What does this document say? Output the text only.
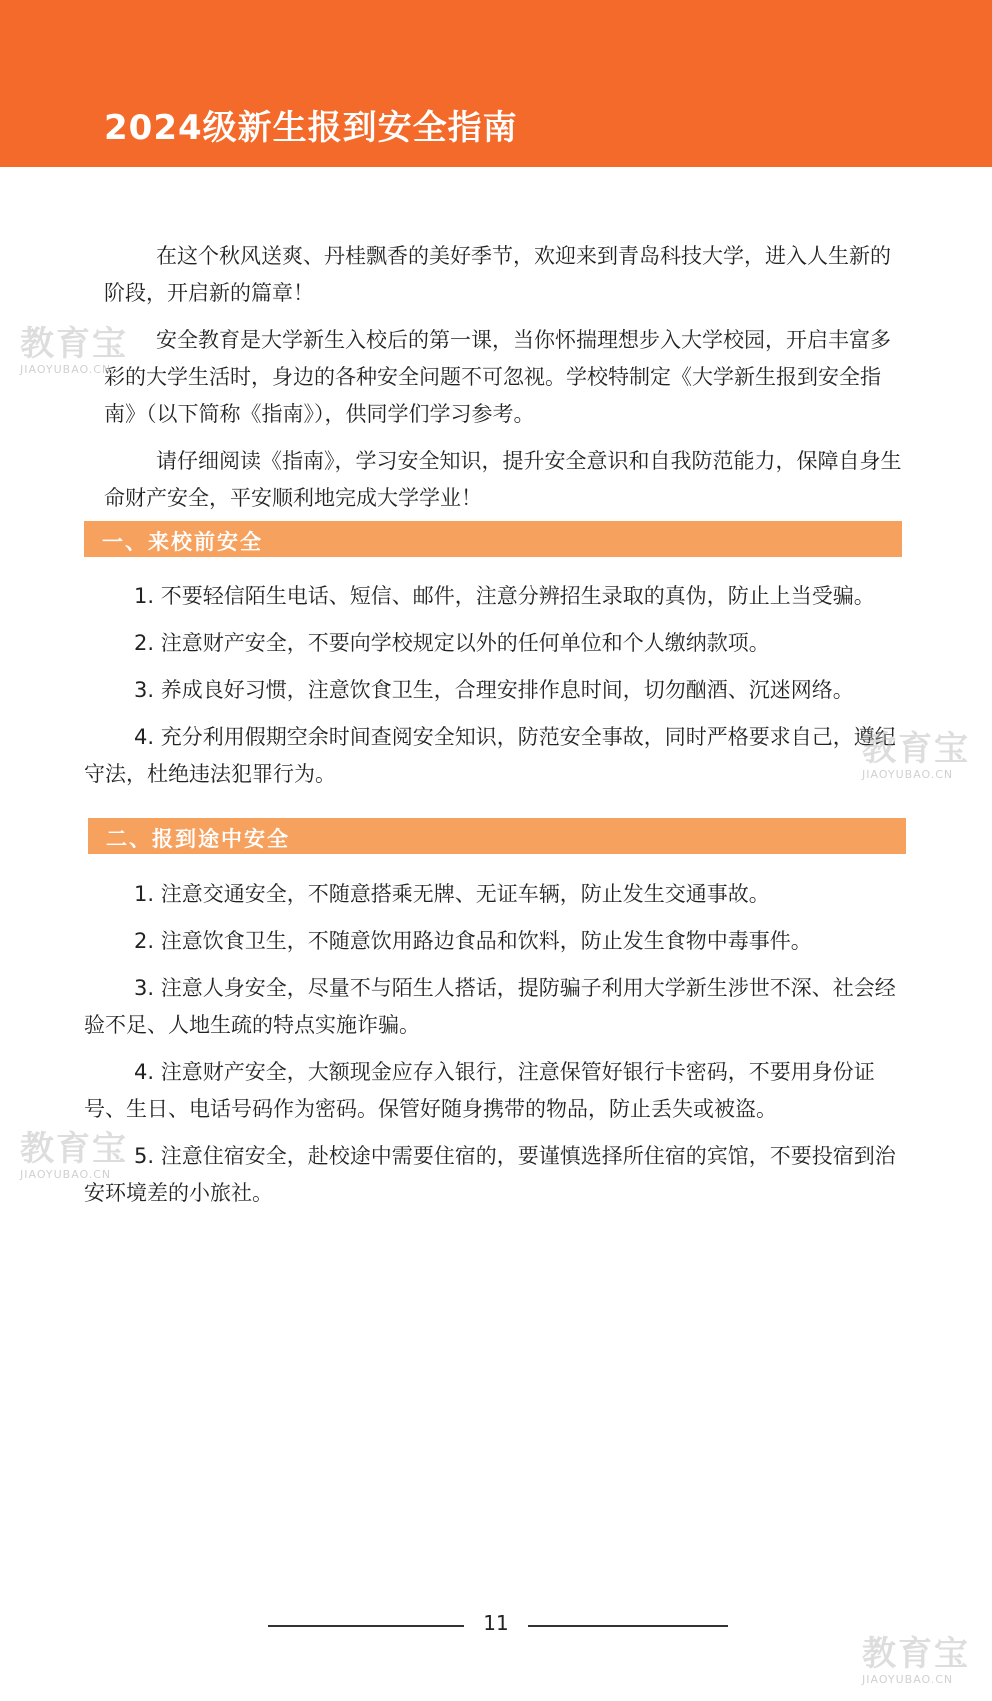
2024级新生报到安全指南

在这个秋风送爽、丹桂飘香的美好季节，欢迎来到青岛科技大学，进入人生新的阶段，开启新的篇章！

安全教育是大学新生入校后的第一课，当你怀揣理想步入大学校园，开启丰富多彩的大学生活时，身边的各种安全问题不可忽视。学校特制定《大学新生报到安全指南》（以下简称《指南》），供同学们学习参考。

请仔细阅读《指南》，学习安全知识，提升安全意识和自我防范能力，保障自身生命财产安全，平安顺利地完成大学学业！

一、来校前安全

1. 不要轻信陌生电话、短信、邮件，注意分辨招生录取的真伪，防止上当受骗。

2. 注意财产安全，不要向学校规定以外的任何单位和个人缴纳款项。

3. 养成良好习惯，注意饮食卫生，合理安排作息时间，切勿酗酒、沉迷网络。

4. 充分利用假期空余时间查阅安全知识，防范安全事故，同时严格要求自己，遵纪守法，杜绝违法犯罪行为。

二、报到途中安全

1. 注意交通安全，不随意搭乘无牌、无证车辆，防止发生交通事故。

2. 注意饮食卫生，不随意饮用路边食品和饮料，防止发生食物中毒事件。

3. 注意人身安全，尽量不与陌生人搭话，提防骗子利用大学新生涉世不深、社会经验不足、人地生疏的特点实施诈骗。

4. 注意财产安全，大额现金应存入银行，注意保管好银行卡密码，不要用身份证号、生日、电话号码作为密码。保管好随身携带的物品，防止丢失或被盗。

5. 注意住宿安全，赴校途中需要住宿的，要谨慎选择所住宿的宾馆，不要投宿到治安环境差的小旅社。

11
教育宝
JIAOYUBAO.CN
教育宝
JIAOYUBAO.CN
教育宝
JIAOYUBAO.CN
教育宝
JIAOYUBAO.CN
